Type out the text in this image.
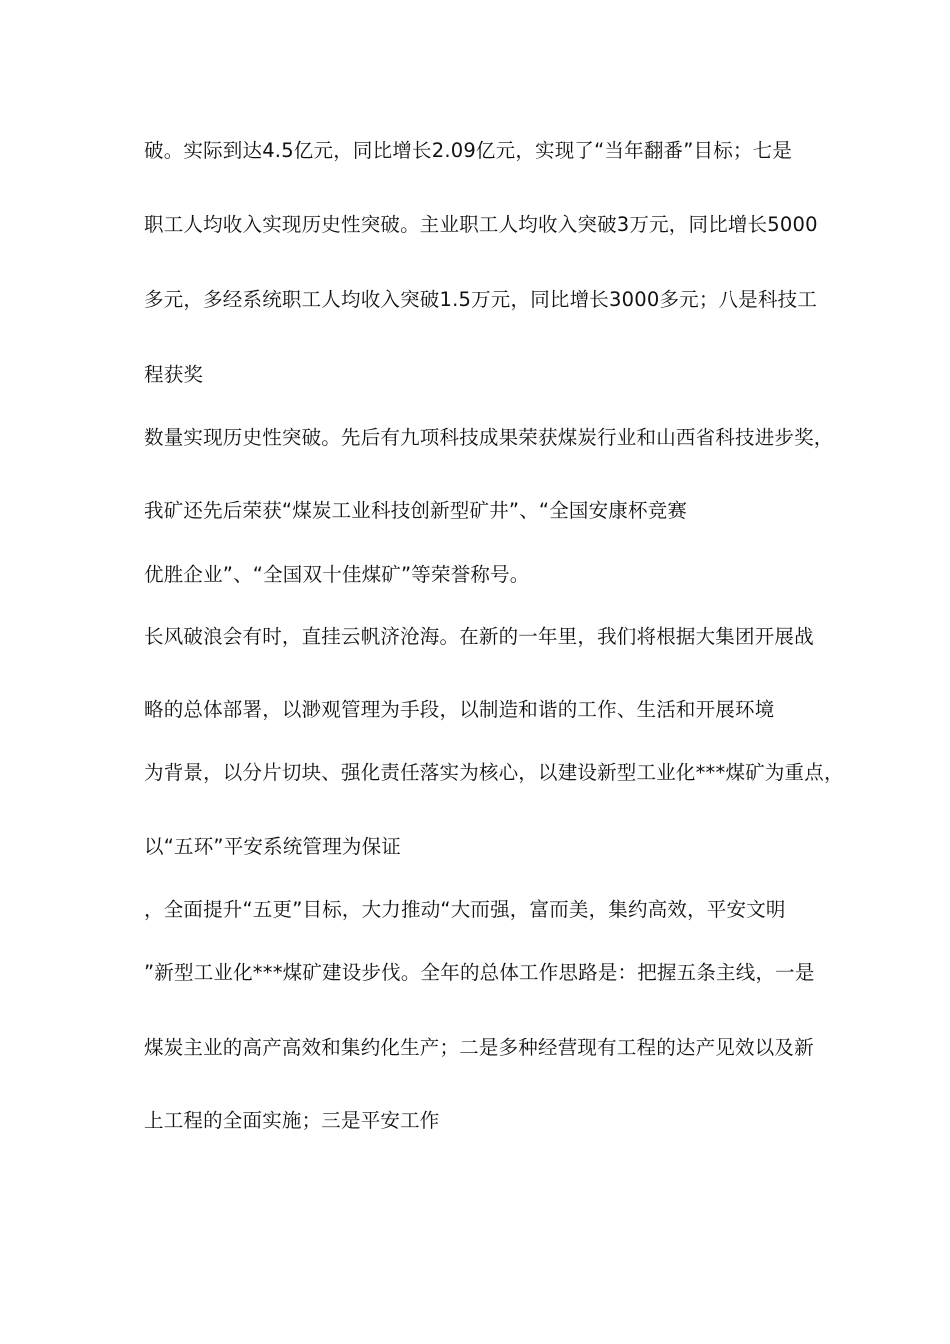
破。实际到达4.5亿元，同比增长2.09亿元，实现了“当年翻番”目标；七是
职工人均收入实现历史性突破。主业职工人均收入突破3万元，同比增长5000
多元，多经系统职工人均收入突破1.5万元，同比增长3000多元；八是科技工
程获奖
数量实现历史性突破。先后有九项科技成果荣获煤炭行业和山西省科技进步奖，
我矿还先后荣获“煤炭工业科技创新型矿井”、“全国安康杯竞赛
优胜企业”、“全国双十佳煤矿”等荣誉称号。
长风破浪会有时，直挂云帆济沧海。在新的一年里，我们将根据大集团开展战
略的总体部署，以渺观管理为手段，以制造和谐的工作、生活和开展环境
为背景，以分片切块、强化责任落实为核心，以建设新型工业化***煤矿为重点，
以“五环”平安系统管理为保证
，全面提升“五更”目标，大力推动“大而强，富而美，集约高效，平安文明
”新型工业化***煤矿建设步伐。全年的总体工作思路是：把握五条主线，一是
煤炭主业的高产高效和集约化生产；二是多种经营现有工程的达产见效以及新
上工程的全面实施；三是平安工作
